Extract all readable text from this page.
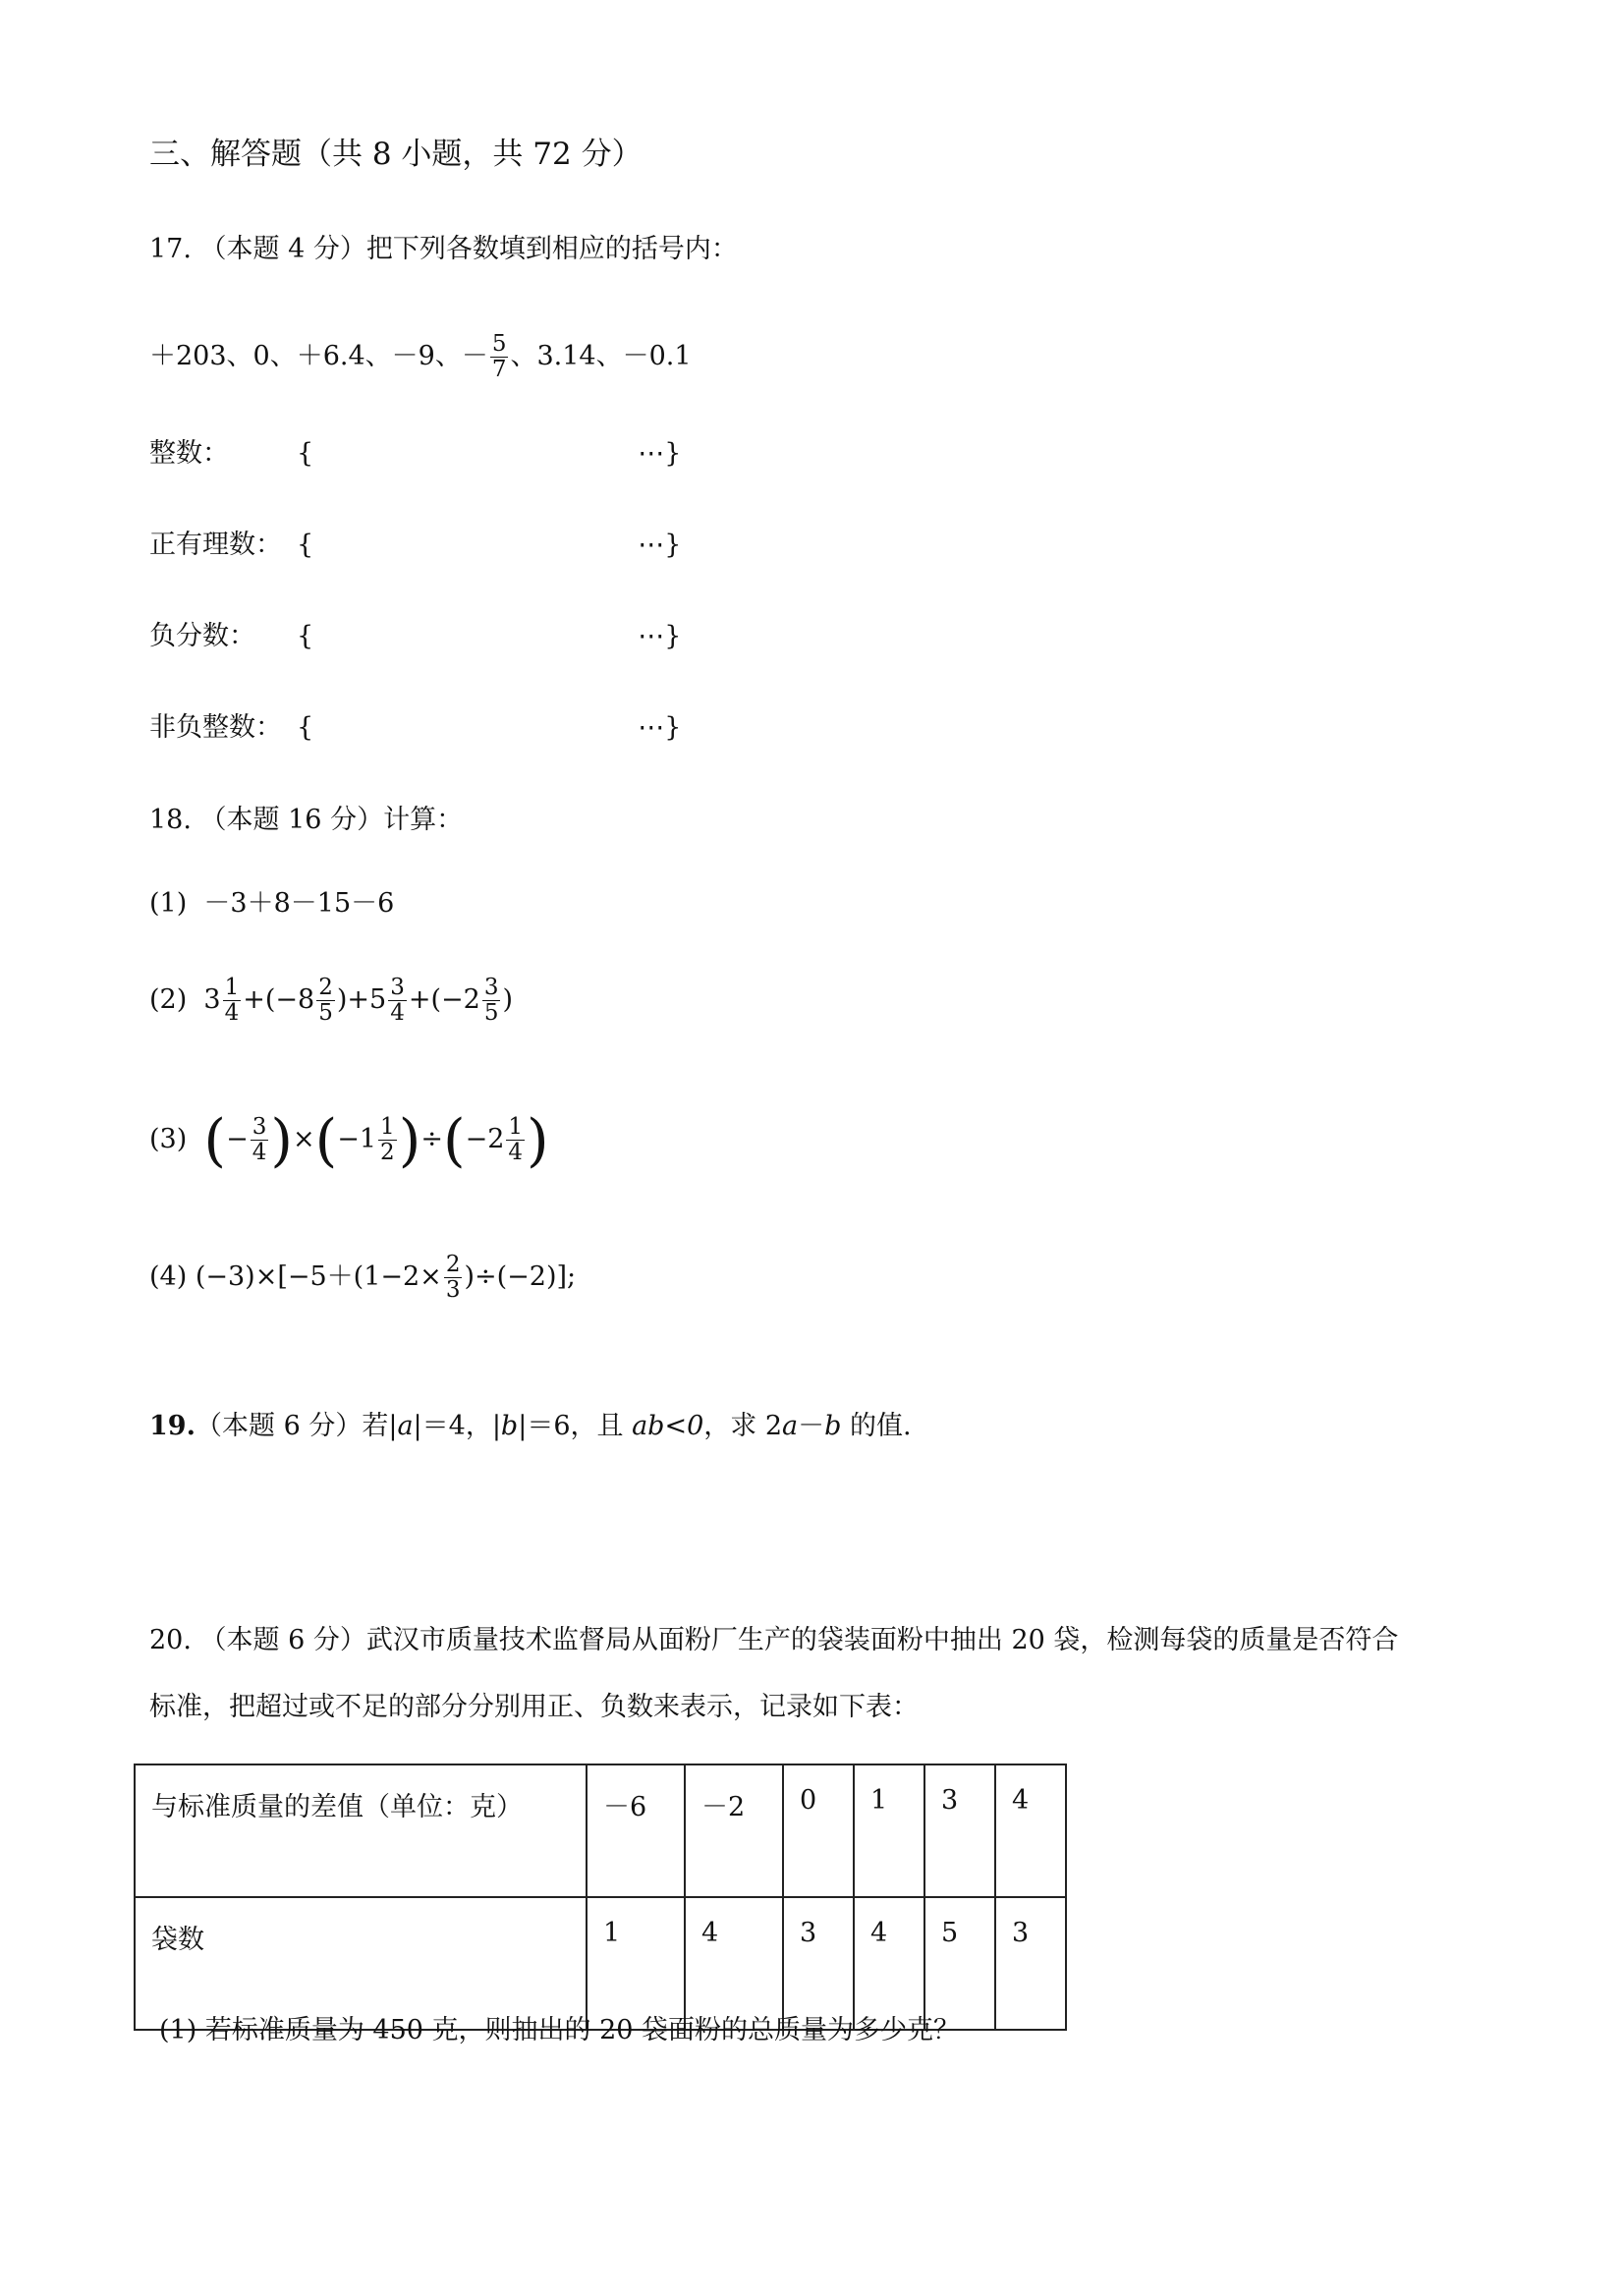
三、解答题（共 8 小题，共 72 分）
17. （本题 4 分）把下列各数填到相应的括号内：
＋203、0、＋6.4、－9、－ $\frac{5}{7}$ 、3.14、－0.1
整数：	{	⋯}
正有理数： {	⋯}
负分数： {	⋯}
非负整数： {	⋯}
18. （本题 16 分）计算：
(1) －3＋8－15－6
(2) $3 \frac{1}{4} +(-8 \frac{2}{5} )+5 \frac{3}{4} +(-2 \frac{3}{5}$ )
(3) (− $\frac{3}{4} )\times(-1 \frac{1}{2} )\div(-2 \frac{1}{4}$ )
(4) $(-3)\times[-5+(1-2\times \frac{2}{3} )\div(-2)]$;
19.（本题 6 分）若|a|＝4，|b|＝6，且 ab<0，求 2a－b 的值.
20. （本题 6 分）武汉市质量技术监督局从面粉厂生产的袋装面粉中抽出 20 袋，检测每袋的质量是否符合
标准，把超过或不足的部分分别用正、负数来表示，记录如下表：
与标准质量的差值（单位：克）	－6	－2	0	1	3	4
袋数	1	4	3	4	5	3
(1) 若标准质量为 450 克，则抽出的 20 袋面粉的总质量为多少克？
